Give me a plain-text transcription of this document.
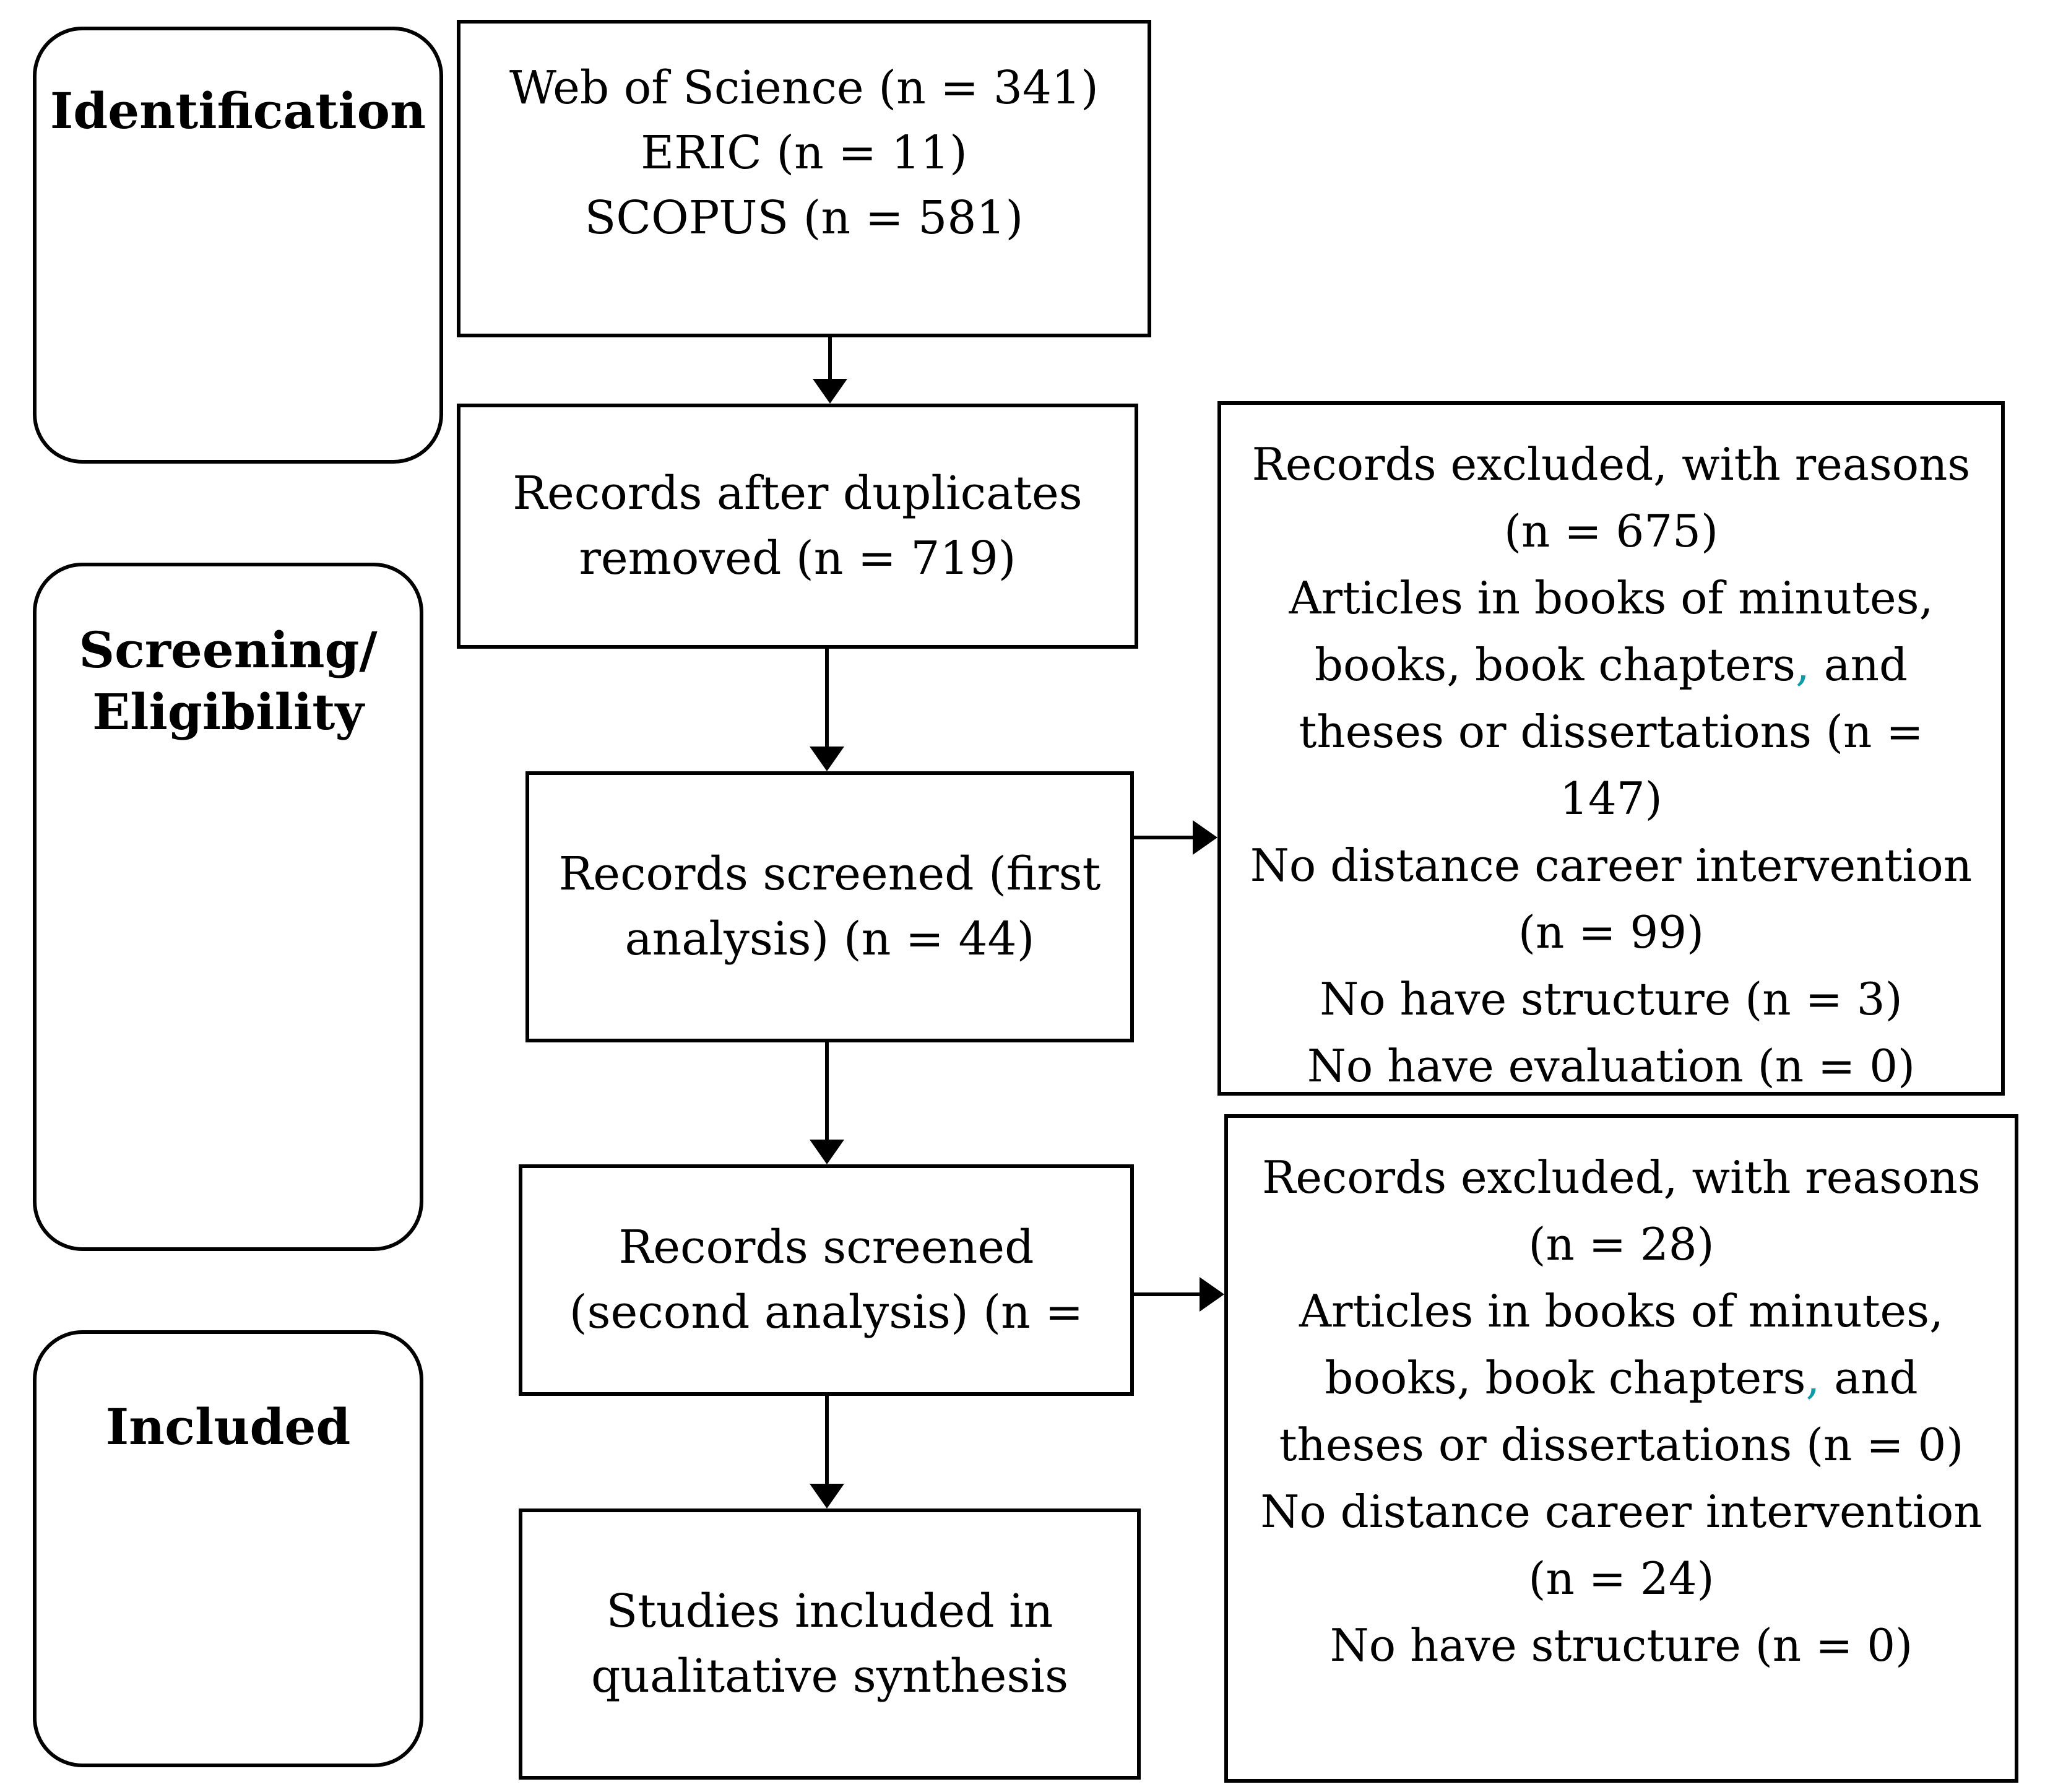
Identification
Screening/
Eligibility
Included
Web of Science (n = 341)
ERIC (n = 11)
SCOPUS (n = 581)
Records after duplicates removed (n = 719)
Records screened (first analysis) (n = 44)
Records screened (second analysis) (n =
Studies included in qualitative synthesis
Records excluded, with reasons (n = 675)
Articles in books of minutes, books, book chapters, and theses or dissertations (n = 147)
No distance career intervention (n = 99)
No have structure (n = 3)
No have evaluation (n = 0)
Records excluded, with reasons (n = 28)
Articles in books of minutes, books, book chapters, and theses or dissertations (n = 0)
No distance career intervention (n = 24)
No have structure (n = 0)
